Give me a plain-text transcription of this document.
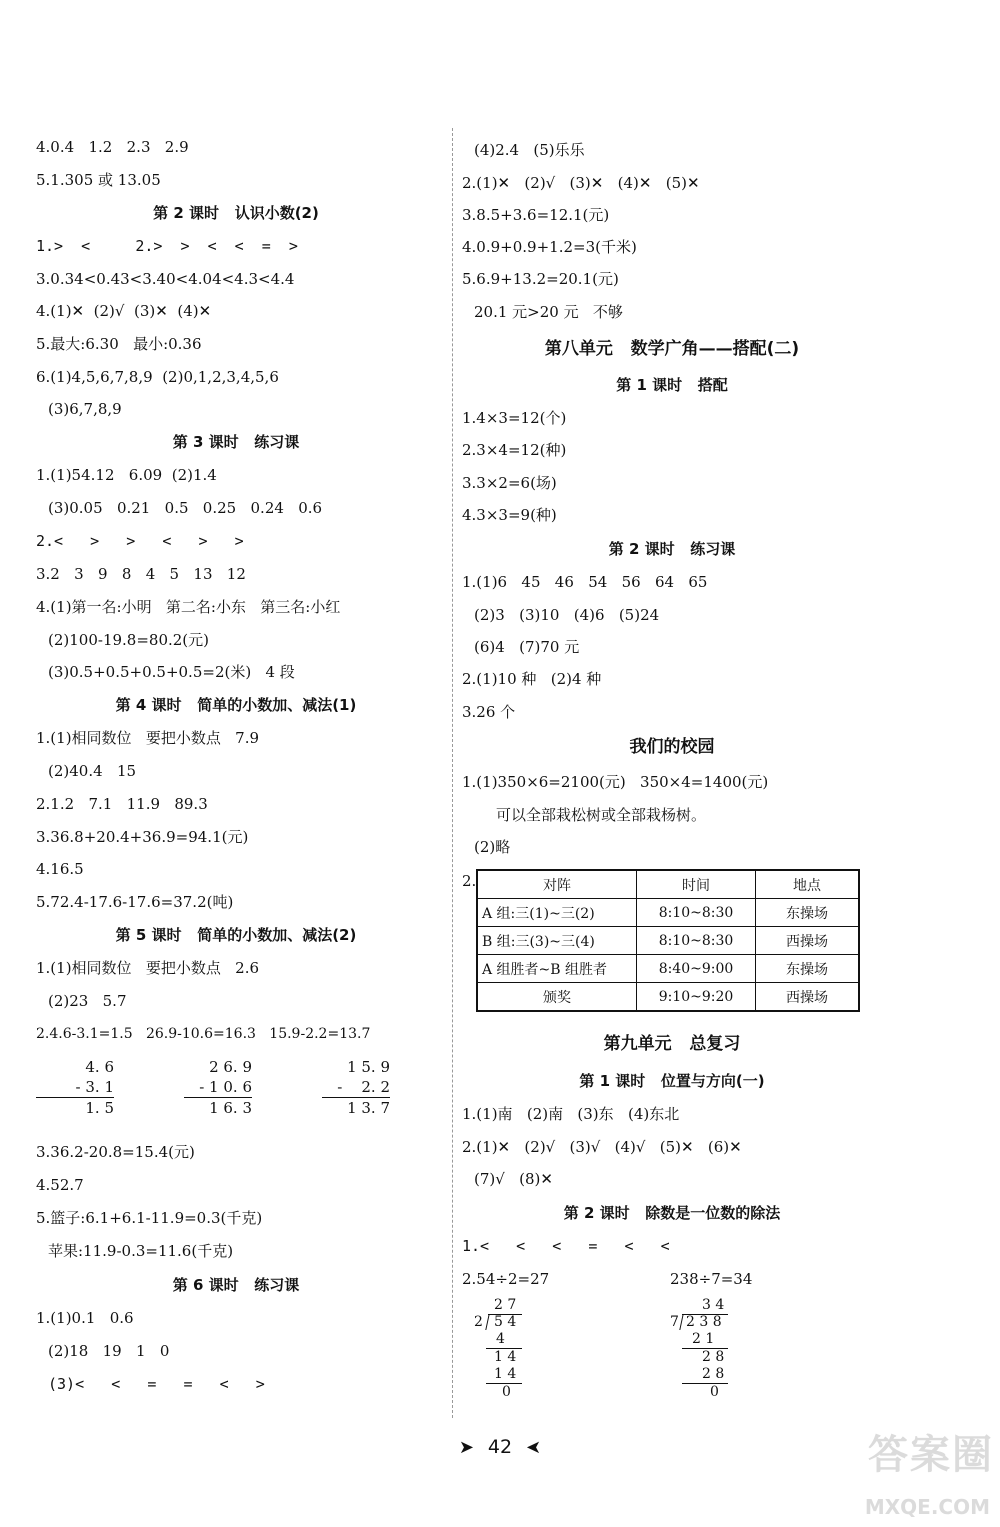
4.0.4   1.2   2.3   2.9
5.1.305 或 13.05
第 2 课时   认识小数(2)
1.>  <     2.>  >  <  <  =  >
3.0.34<0.43<3.40<4.04<4.3<4.4
4.(1)✕  (2)√  (3)✕  (4)✕
5.最大:6.30   最小:0.36
6.(1)4,5,6,7,8,9  (2)0,1,2,3,4,5,6
(3)6,7,8,9
第 3 课时   练习课
1.(1)54.12   6.09  (2)1.4
(3)0.05   0.21   0.5   0.25   0.24   0.6
2.<   >   >   <   >   >
3.2   3   9   8   4   5   13   12
4.(1)第一名:小明   第二名:小东   第三名:小红
(2)100-19.8=80.2(元)
(3)0.5+0.5+0.5+0.5=2(米)   4 段
第 4 课时   简单的小数加、减法(1)
1.(1)相同数位   要把小数点   7.9
(2)40.4   15
2.1.2   7.1   11.9   89.3
3.36.8+20.4+36.9=94.1(元)
4.16.5
5.72.4-17.6-17.6=37.2(吨)
第 5 课时   简单的小数加、减法(2)
1.(1)相同数位   要把小数点   2.6
(2)23   5.7
2.4.6-3.1=1.5   26.9-10.6=16.3   15.9-2.2=13.7
4. 6
- 3. 1
1. 5
2 6. 9
- 1 0. 6
1 6. 3
1 5. 9
-    2. 2
1 3. 7
3.36.2-20.8=15.4(元)
4.52.7
5.篮子:6.1+6.1-11.9=0.3(千克)
苹果:11.9-0.3=11.6(千克)
第 6 课时   练习课
1.(1)0.1   0.6
(2)18   19   1   0
(3)<   <   =   =   <   >
(4)2.4   (5)乐乐
2.(1)✕   (2)√   (3)✕   (4)✕   (5)✕
3.8.5+3.6=12.1(元)
4.0.9+0.9+1.2=3(千米)
5.6.9+13.2=20.1(元)
20.1 元>20 元   不够
第八单元   数学广角——搭配(二)
第 1 课时   搭配
1.4×3=12(个)
2.3×4=12(种)
3.3×2=6(场)
4.3×3=9(种)
第 2 课时   练习课
1.(1)6   45   46   54   56   64   65
(2)3   (3)10   (4)6   (5)24
(6)4   (7)70 元
2.(1)10 种   (2)4 种
3.26 个
我们的校园
1.(1)350×6=2100(元)   350×4=1400(元)
可以全部栽松树或全部栽杨树。
(2)略
2.	对阵	时间	地点
A 组:三(1)~三(2)	8:10~8:30	东操场
B 组:三(3)~三(4)	8:10~8:30	西操场
A 组胜者~B 组胜者	8:40~9:00	东操场
颁奖	9:10~9:20	西操场
第九单元   总复习
第 1 课时   位置与方向(一)
1.(1)南   (2)南   (3)东   (4)东北
2.(1)✕   (2)√   (3)√   (4)√   (5)✕   (6)✕
(7)√   (8)✕
第 2 课时   除数是一位数的除法
1.<   <   <   =   <   <
2.54÷2=27	238÷7=34
2 7
2 5 4
4
1 4
1 4
0
3 4
7 2 3 8
2 1
2 8
2 8
0
➤ 42 ➤	答案圈
MXQE.COM
